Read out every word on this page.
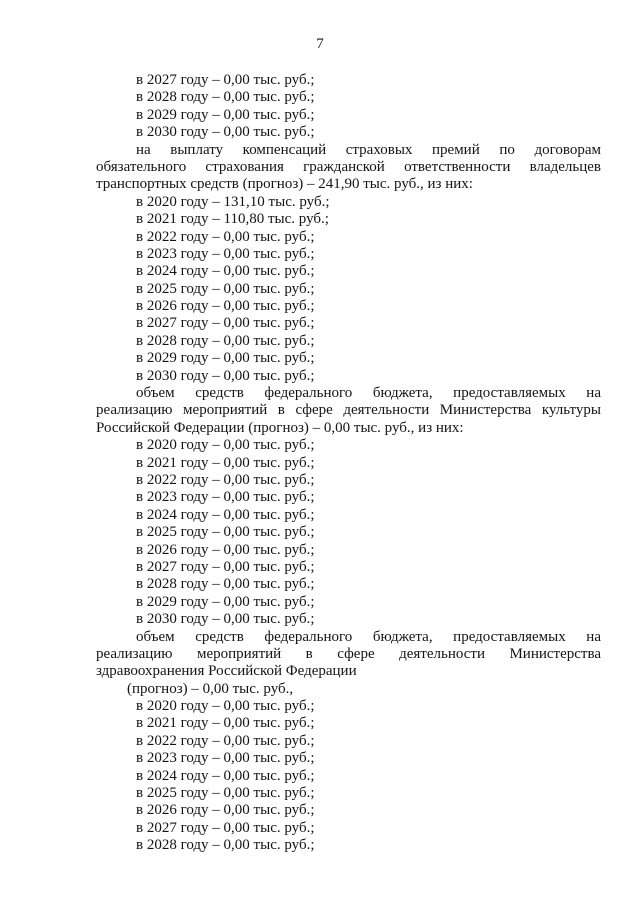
7
в 2027 году – 0,00 тыс. руб.;
в 2028 году – 0,00 тыс. руб.;
в 2029 году – 0,00 тыс. руб.;
в 2030 году – 0,00 тыс. руб.;
на выплату компенсаций страховых премий по договорам
обязательного страхования гражданской ответственности владельцев
транспортных средств (прогноз) – 241,90 тыс. руб., из них:
в 2020 году – 131,10 тыс. руб.;
в 2021 году – 110,80 тыс. руб.;
в 2022 году – 0,00 тыс. руб.;
в 2023 году – 0,00 тыс. руб.;
в 2024 году – 0,00 тыс. руб.;
в 2025 году – 0,00 тыс. руб.;
в 2026 году – 0,00 тыс. руб.;
в 2027 году – 0,00 тыс. руб.;
в 2028 году – 0,00 тыс. руб.;
в 2029 году – 0,00 тыс. руб.;
в 2030 году – 0,00 тыс. руб.;
объем средств федерального бюджета, предоставляемых на
реализацию мероприятий в сфере деятельности Министерства культуры
Российской Федерации (прогноз) – 0,00 тыс. руб., из них:
в 2020 году – 0,00 тыс. руб.;
в 2021 году – 0,00 тыс. руб.;
в 2022 году – 0,00 тыс. руб.;
в 2023 году – 0,00 тыс. руб.;
в 2024 году – 0,00 тыс. руб.;
в 2025 году – 0,00 тыс. руб.;
в 2026 году – 0,00 тыс. руб.;
в 2027 году – 0,00 тыс. руб.;
в 2028 году – 0,00 тыс. руб.;
в 2029 году – 0,00 тыс. руб.;
в 2030 году – 0,00 тыс. руб.;
объем средств федерального бюджета, предоставляемых на
реализацию мероприятий в сфере деятельности Министерства
здравоохранения Российской Федерации
(прогноз) – 0,00 тыс. руб.,
в 2020 году – 0,00 тыс. руб.;
в 2021 году – 0,00 тыс. руб.;
в 2022 году – 0,00 тыс. руб.;
в 2023 году – 0,00 тыс. руб.;
в 2024 году – 0,00 тыс. руб.;
в 2025 году – 0,00 тыс. руб.;
в 2026 году – 0,00 тыс. руб.;
в 2027 году – 0,00 тыс. руб.;
в 2028 году – 0,00 тыс. руб.;
